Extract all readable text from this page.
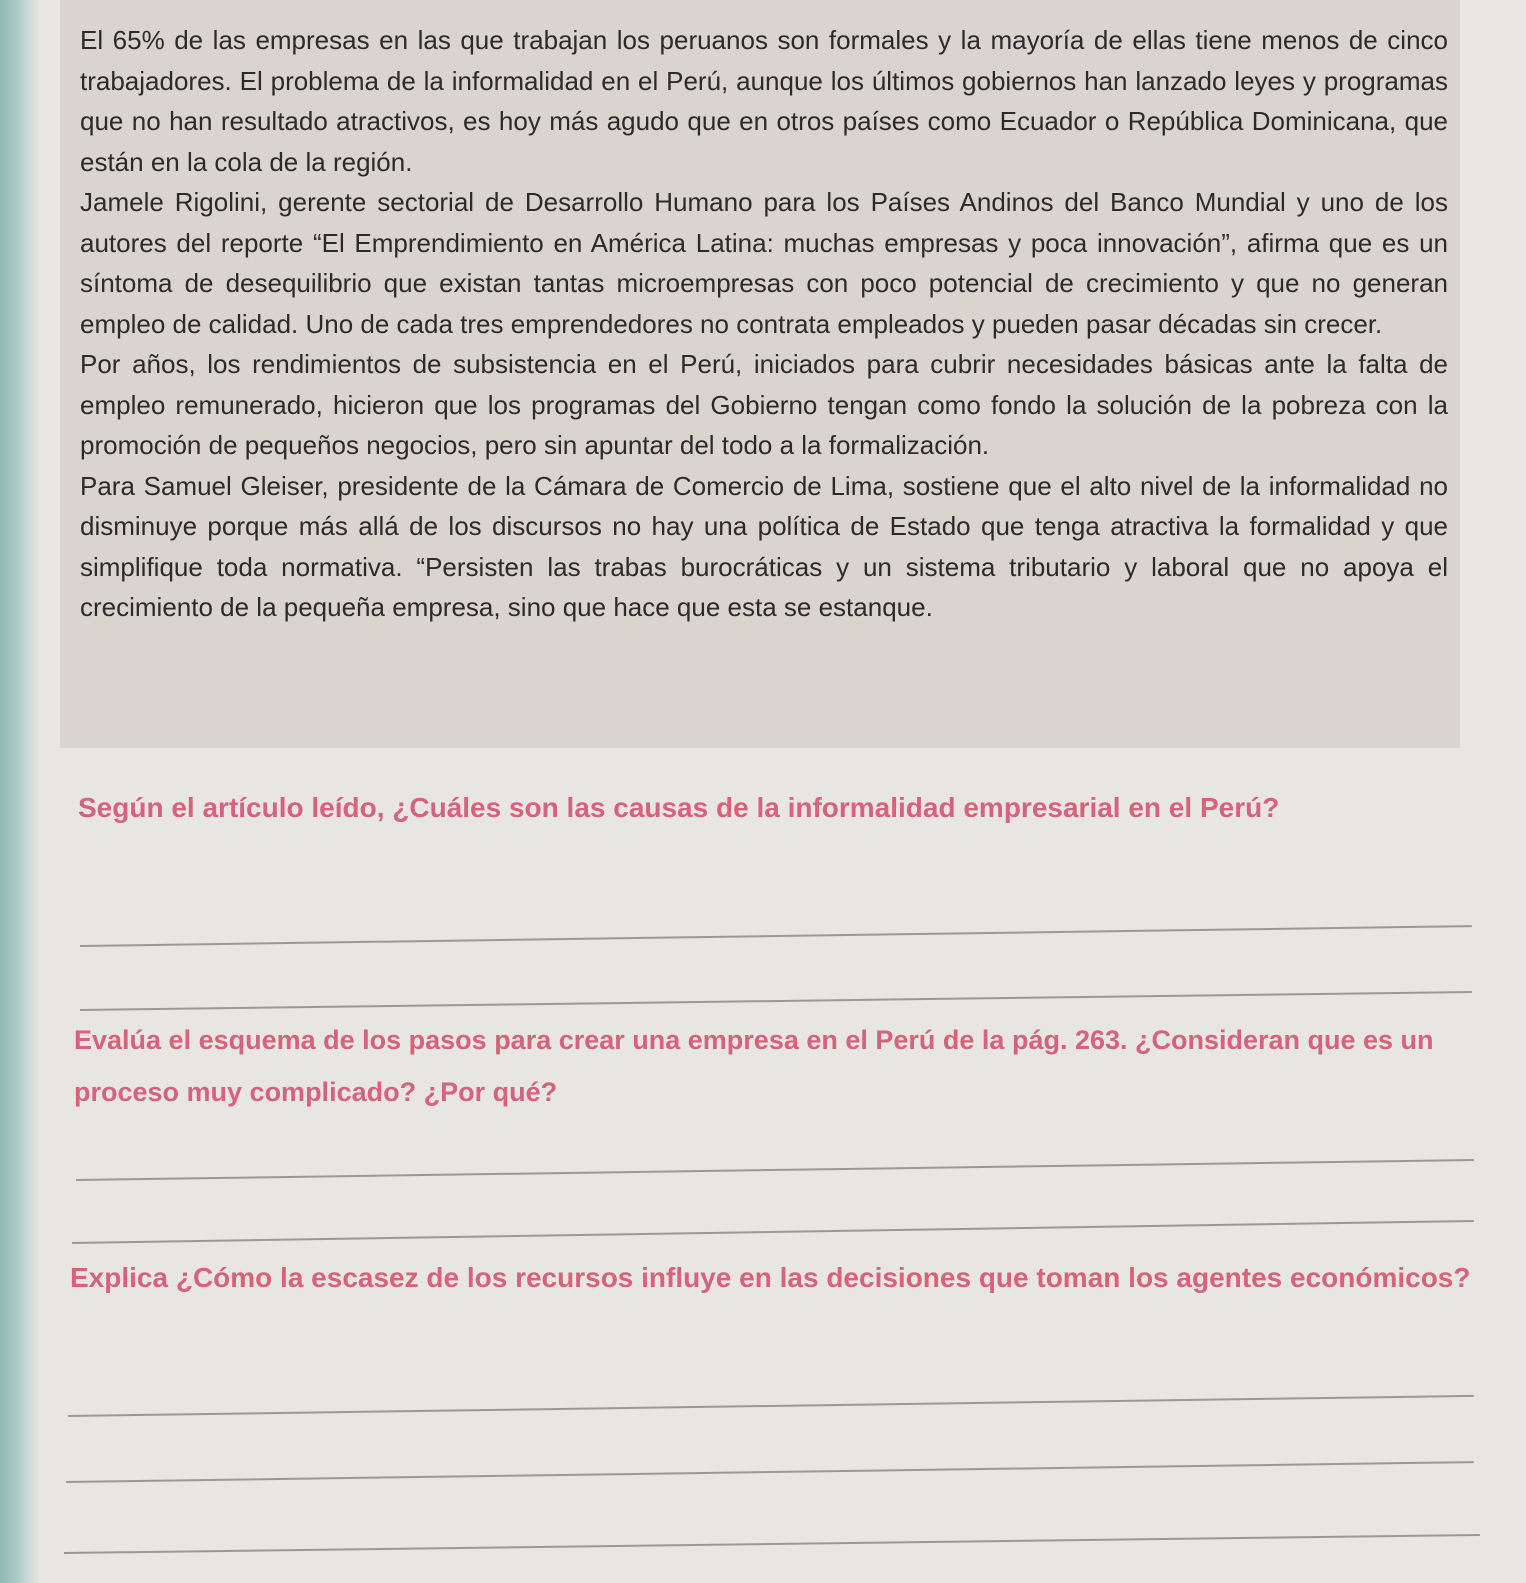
El 65% de las empresas en las que trabajan los peruanos son formales y la mayoría de ellas tiene menos de cinco trabajadores. El problema de la informalidad en el Perú, aunque los últimos gobiernos han lanzado leyes y programas que no han resultado atractivos, es hoy más agudo que en otros países como Ecuador o República Dominicana, que están en la cola de la región.

Jamele Rigolini, gerente sectorial de Desarrollo Humano para los Países Andinos del Banco Mundial y uno de los autores del reporte “El Emprendimiento en América Latina: muchas empresas y poca innovación”, afirma que es un síntoma de desequilibrio que existan tantas microempresas con poco potencial de crecimiento y que no generan empleo de calidad. Uno de cada tres emprendedores no contrata empleados y pueden pasar décadas sin crecer.

Por años, los rendimientos de subsistencia en el Perú, iniciados para cubrir necesidades básicas ante la falta de empleo remunerado, hicieron que los programas del Gobierno tengan como fondo la solución de la pobreza con la promoción de pequeños negocios, pero sin apuntar del todo a la formalización.

Para Samuel Gleiser, presidente de la Cámara de Comercio de Lima, sostiene que el alto nivel de la informalidad no disminuye porque más allá de los discursos no hay una política de Estado que tenga atractiva la formalidad y que simplifique toda normativa. “Persisten las trabas burocráticas y un sistema tributario y laboral que no apoya el crecimiento de la pequeña empresa, sino que hace que esta se estanque.

Según el artículo leído, ¿Cuáles son las causas de la informalidad empresarial en el Perú?

Evalúa el esquema de los pasos para crear una empresa en el Perú de la pág. 263. ¿Consideran que es un proceso muy complicado? ¿Por qué?

Explica ¿Cómo la escasez de los recursos influye en las decisiones que toman los agentes económicos?
